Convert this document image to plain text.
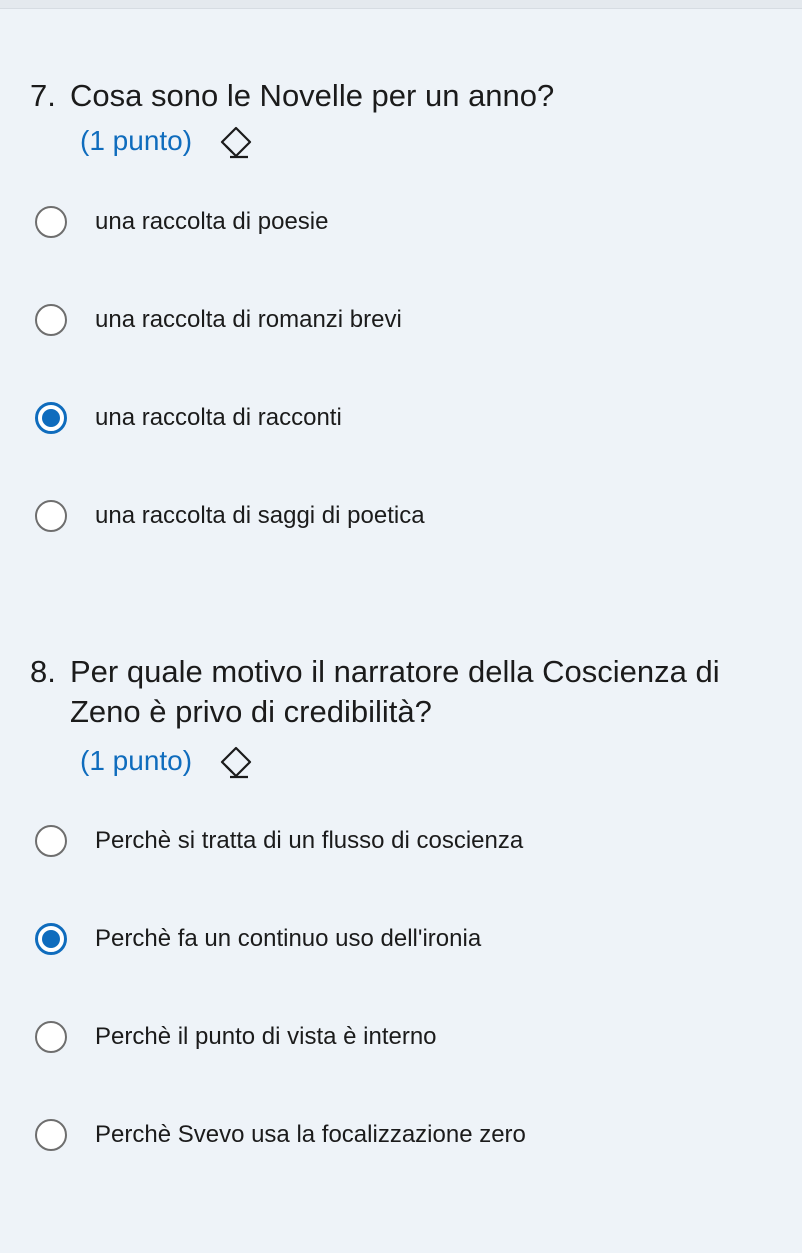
7. Cosa sono le Novelle per un anno?
(1 punto)
una raccolta di poesie
una raccolta di romanzi brevi
una raccolta di racconti
una raccolta di saggi di poetica
8. Per quale motivo il narratore della Coscienza di Zeno è privo di credibilità?
(1 punto)
Perchè si tratta di un flusso di coscienza
Perchè fa un continuo uso dell'ironia
Perchè il punto di vista è interno
Perchè Svevo usa la focalizzazione zero
